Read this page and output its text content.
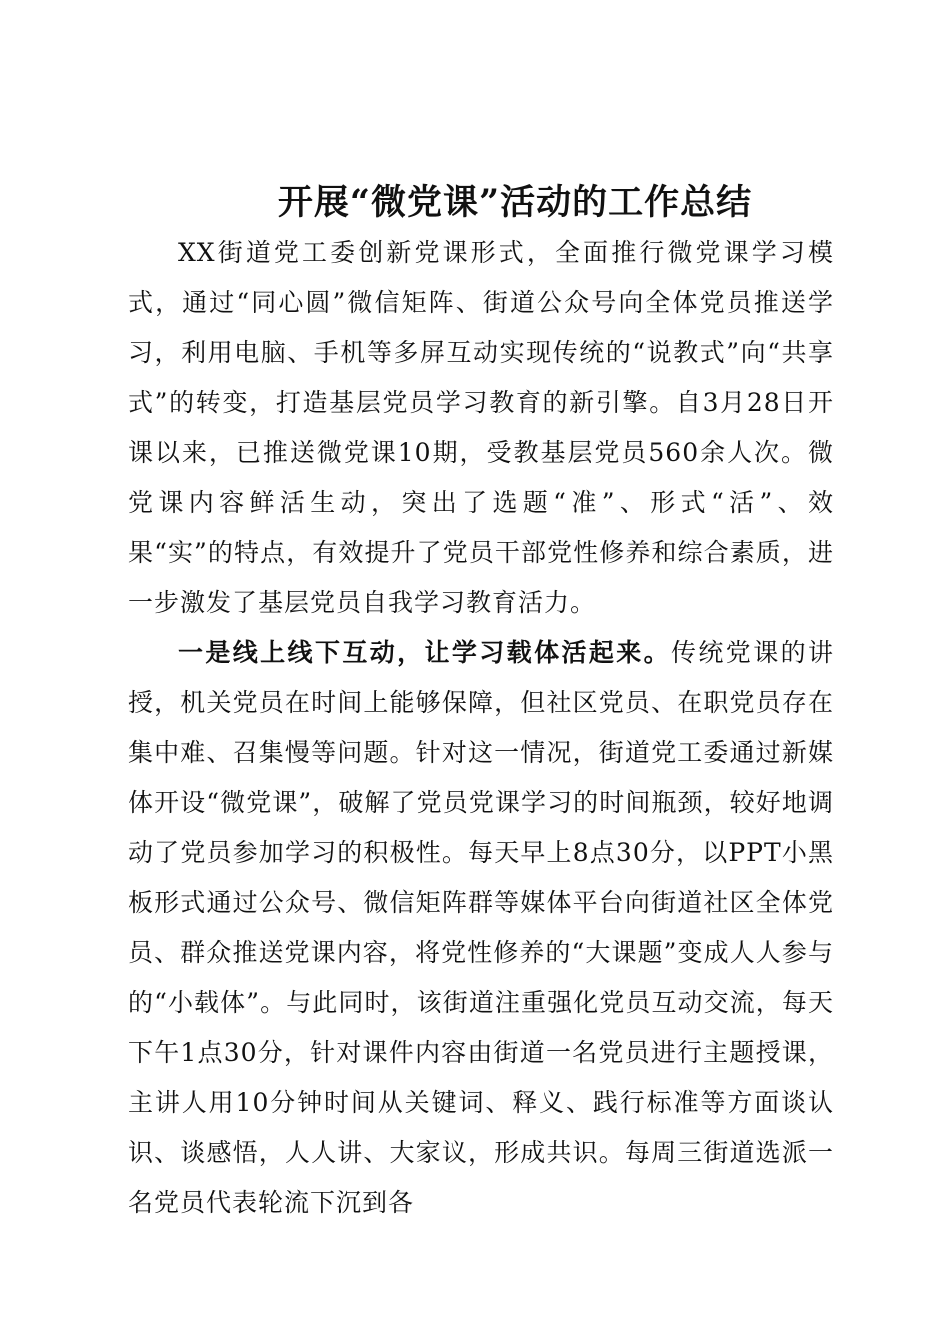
开展“微党课”活动的工作总结

XX街道党工委创新党课形式，全面推行微党课学习模式，通过“同心圆”微信矩阵、街道公众号向全体党员推送学习，利用电脑、手机等多屏互动实现传统的“说教式”向“共享式”的转变，打造基层党员学习教育的新引擎。自3月28日开课以来，已推送微党课10期，受教基层党员560余人次。微党课内容鲜活生动，突出了选题“准”、形式“活”、效果“实”的特点，有效提升了党员干部党性修养和综合素质，进一步激发了基层党员自我学习教育活力。

一是线上线下互动，让学习载体活起来。传统党课的讲授，机关党员在时间上能够保障，但社区党员、在职党员存在集中难、召集慢等问题。针对这一情况，街道党工委通过新媒体开设“微党课”，破解了党员党课学习的时间瓶颈，较好地调动了党员参加学习的积极性。每天早上8点30分，以PPT小黑板形式通过公众号、微信矩阵群等媒体平台向街道社区全体党员、群众推送党课内容，将党性修养的“大课题”变成人人参与的“小载体”。与此同时，该街道注重强化党员互动交流，每天下午1点30分，针对课件内容由街道一名党员进行主题授课，主讲人用10分钟时间从关键词、释义、践行标准等方面谈认识、谈感悟，人人讲、大家议，形成共识。每周三街道选派一名党员代表轮流下沉到各
